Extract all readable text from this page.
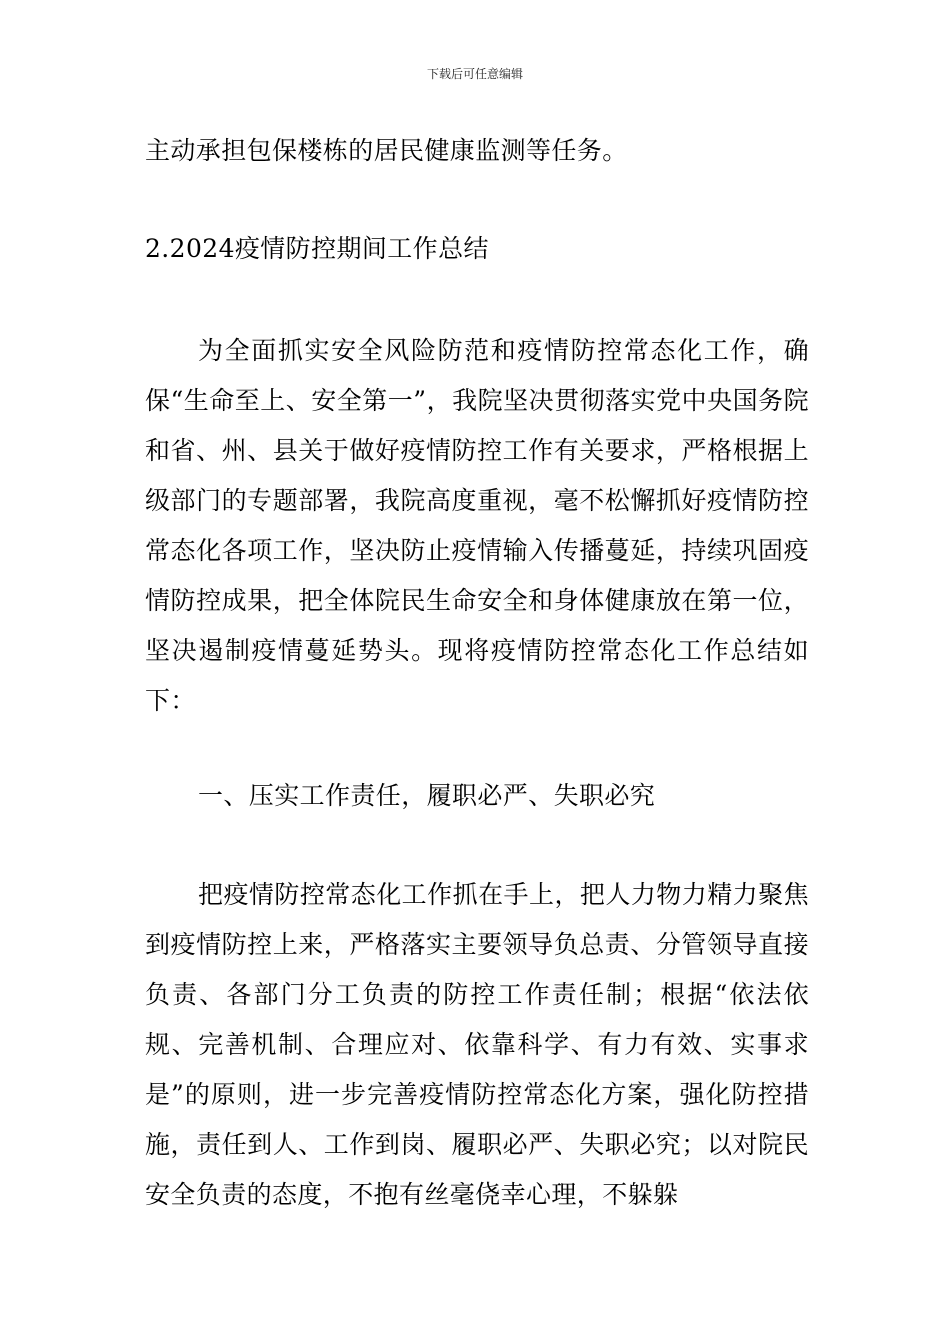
下载后可任意编辑

主动承担包保楼栋的居民健康监测等任务。

2.2024疫情防控期间工作总结

为全面抓实安全风险防范和疫情防控常态化工作，确保“生命至上、安全第一”，我院坚决贯彻落实党中央国务院和省、州、县关于做好疫情防控工作有关要求，严格根据上级部门的专题部署，我院高度重视，毫不松懈抓好疫情防控常态化各项工作，坚决防止疫情输入传播蔓延，持续巩固疫情防控成果，把全体院民生命安全和身体健康放在第一位，坚决遏制疫情蔓延势头。现将疫情防控常态化工作总结如下：

一、压实工作责任，履职必严、失职必究

把疫情防控常态化工作抓在手上，把人力物力精力聚焦到疫情防控上来，严格落实主要领导负总责、分管领导直接负责、各部门分工负责的防控工作责任制；根据“依法依规、完善机制、合理应对、依靠科学、有力有效、实事求是”的原则，进一步完善疫情防控常态化方案，强化防控措施，责任到人、工作到岗、履职必严、失职必究；以对院民安全负责的态度，不抱有丝毫侥幸心理，不躲躲
